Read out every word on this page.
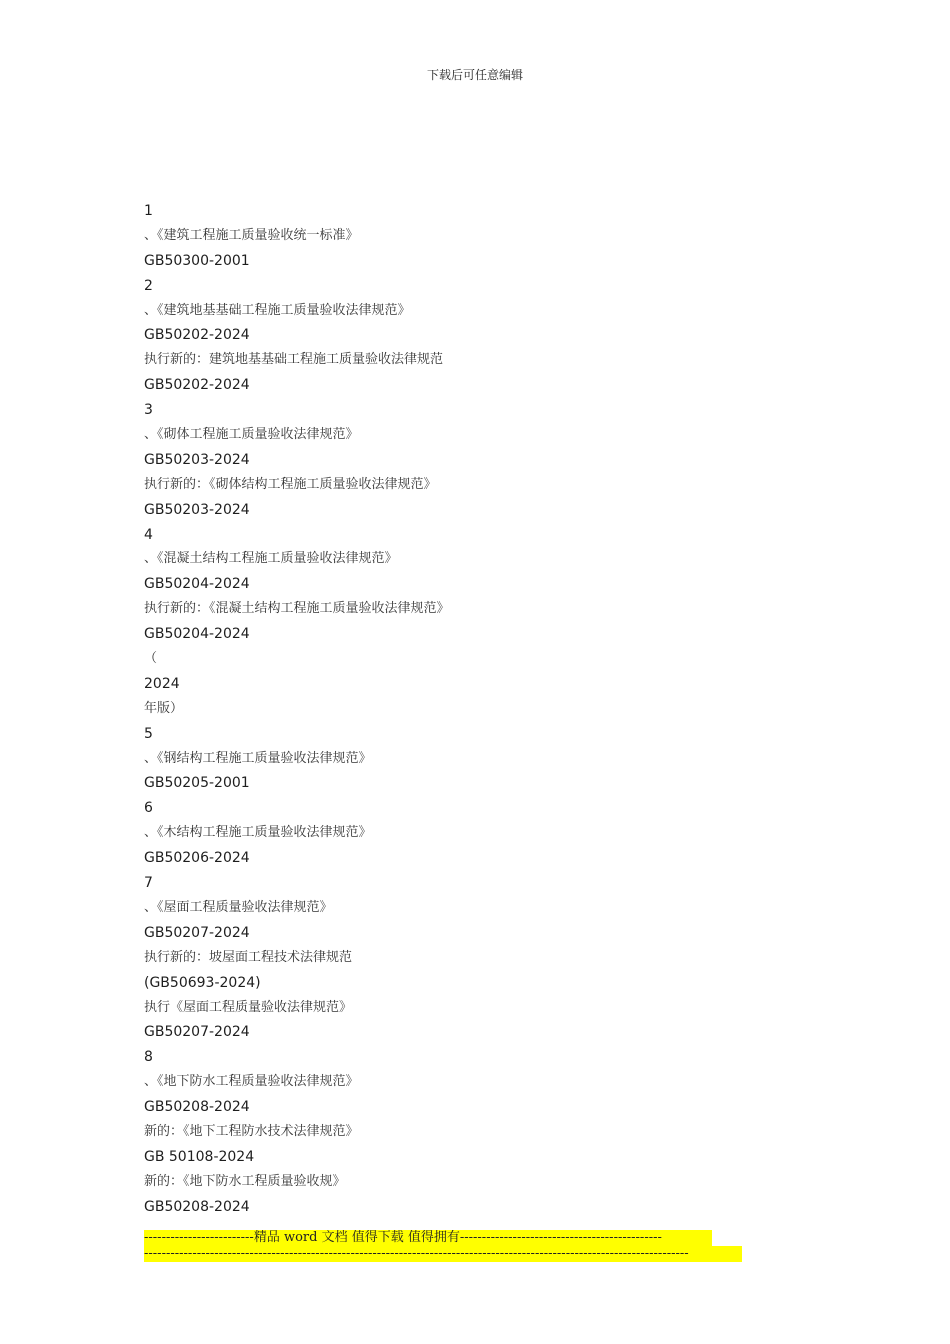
下载后可任意编辑
1
、《建筑工程施工质量验收统一标准》
GB50300-2001
2
、《建筑地基基础工程施工质量验收法律规范》
GB50202-2024
执行新的：建筑地基基础工程施工质量验收法律规范
GB50202-2024
3
、《砌体工程施工质量验收法律规范》
GB50203-2024
执行新的：《砌体结构工程施工质量验收法律规范》
GB50203-2024
4
、《混凝土结构工程施工质量验收法律规范》
GB50204-2024
执行新的：《混凝土结构工程施工质量验收法律规范》
GB50204-2024
（
2024
年版）
5
、《钢结构工程施工质量验收法律规范》
GB50205-2001
6
、《木结构工程施工质量验收法律规范》
GB50206-2024
7
、《屋面工程质量验收法律规范》
GB50207-2024
执行新的：坡屋面工程技术法律规范
(GB50693-2024)
执行《屋面工程质量验收法律规范》
GB50207-2024
8
、《地下防水工程质量验收法律规范》
GB50208-2024
新的：《地下工程防水技术法律规范》
GB 50108-2024
新的：《地下防水工程质量验收规》
GB50208-2024
-------------------------精品 word 文档 值得下载 值得拥有----------------------------------------------
----------------------------------------------------------------------------------------------------------------------------
